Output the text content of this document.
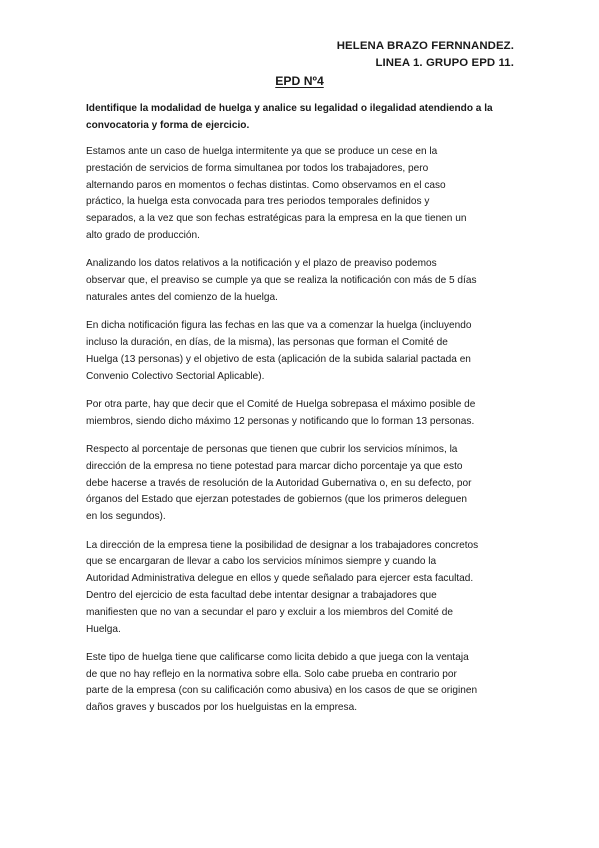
HELENA BRAZO FERNNANDEZ.
LINEA 1. GRUPO EPD 11.
EPD Nº4

Identifique la modalidad de huelga y analice su legalidad o ilegalidad atendiendo a la
convocatoria y forma de ejercicio.

Estamos ante un caso de huelga intermitente ya que se produce un cese en la
prestación de servicios de forma simultanea por todos los trabajadores, pero
alternando paros en momentos o fechas distintas. Como observamos en el caso
práctico, la huelga esta convocada para tres periodos temporales definidos y
separados, a la vez que son fechas estratégicas para la empresa en la que tienen un
alto grado de producción.

Analizando los datos relativos a la notificación y el plazo de preaviso podemos
observar que, el preaviso se cumple ya que se realiza la notificación con más de 5 días
naturales antes del comienzo de la huelga.

En dicha notificación figura las fechas en las que va a comenzar la huelga (incluyendo
incluso la duración, en días, de la misma), las personas que forman el Comité de
Huelga (13 personas) y el objetivo de esta (aplicación de la subida salarial pactada en
Convenio Colectivo Sectorial Aplicable).

Por otra parte, hay que decir que el Comité de Huelga sobrepasa el máximo posible de
miembros, siendo dicho máximo 12 personas y notificando que lo forman 13 personas.

Respecto al porcentaje de personas que tienen que cubrir los servicios mínimos, la
dirección de la empresa no tiene potestad para marcar dicho porcentaje ya que esto
debe hacerse a través de resolución de la Autoridad Gubernativa o, en su defecto, por
órganos del Estado que ejerzan potestades de gobiernos (que los primeros deleguen
en los segundos).

La dirección de la empresa tiene la posibilidad de designar a los trabajadores concretos
que se encargaran de llevar a cabo los servicios mínimos siempre y cuando la
Autoridad Administrativa delegue en ellos y quede señalado para ejercer esta facultad.
Dentro del ejercicio de esta facultad debe intentar designar a trabajadores que
manifiesten que no van a secundar el paro y excluir a los miembros del Comité de
Huelga.

Este tipo de huelga tiene que calificarse como licita debido a que juega con la ventaja
de que no hay reflejo en la normativa sobre ella. Solo cabe prueba en contrario por
parte de la empresa (con su calificación como abusiva) en los casos de que se originen
daños graves y buscados por los huelguistas en la empresa.
